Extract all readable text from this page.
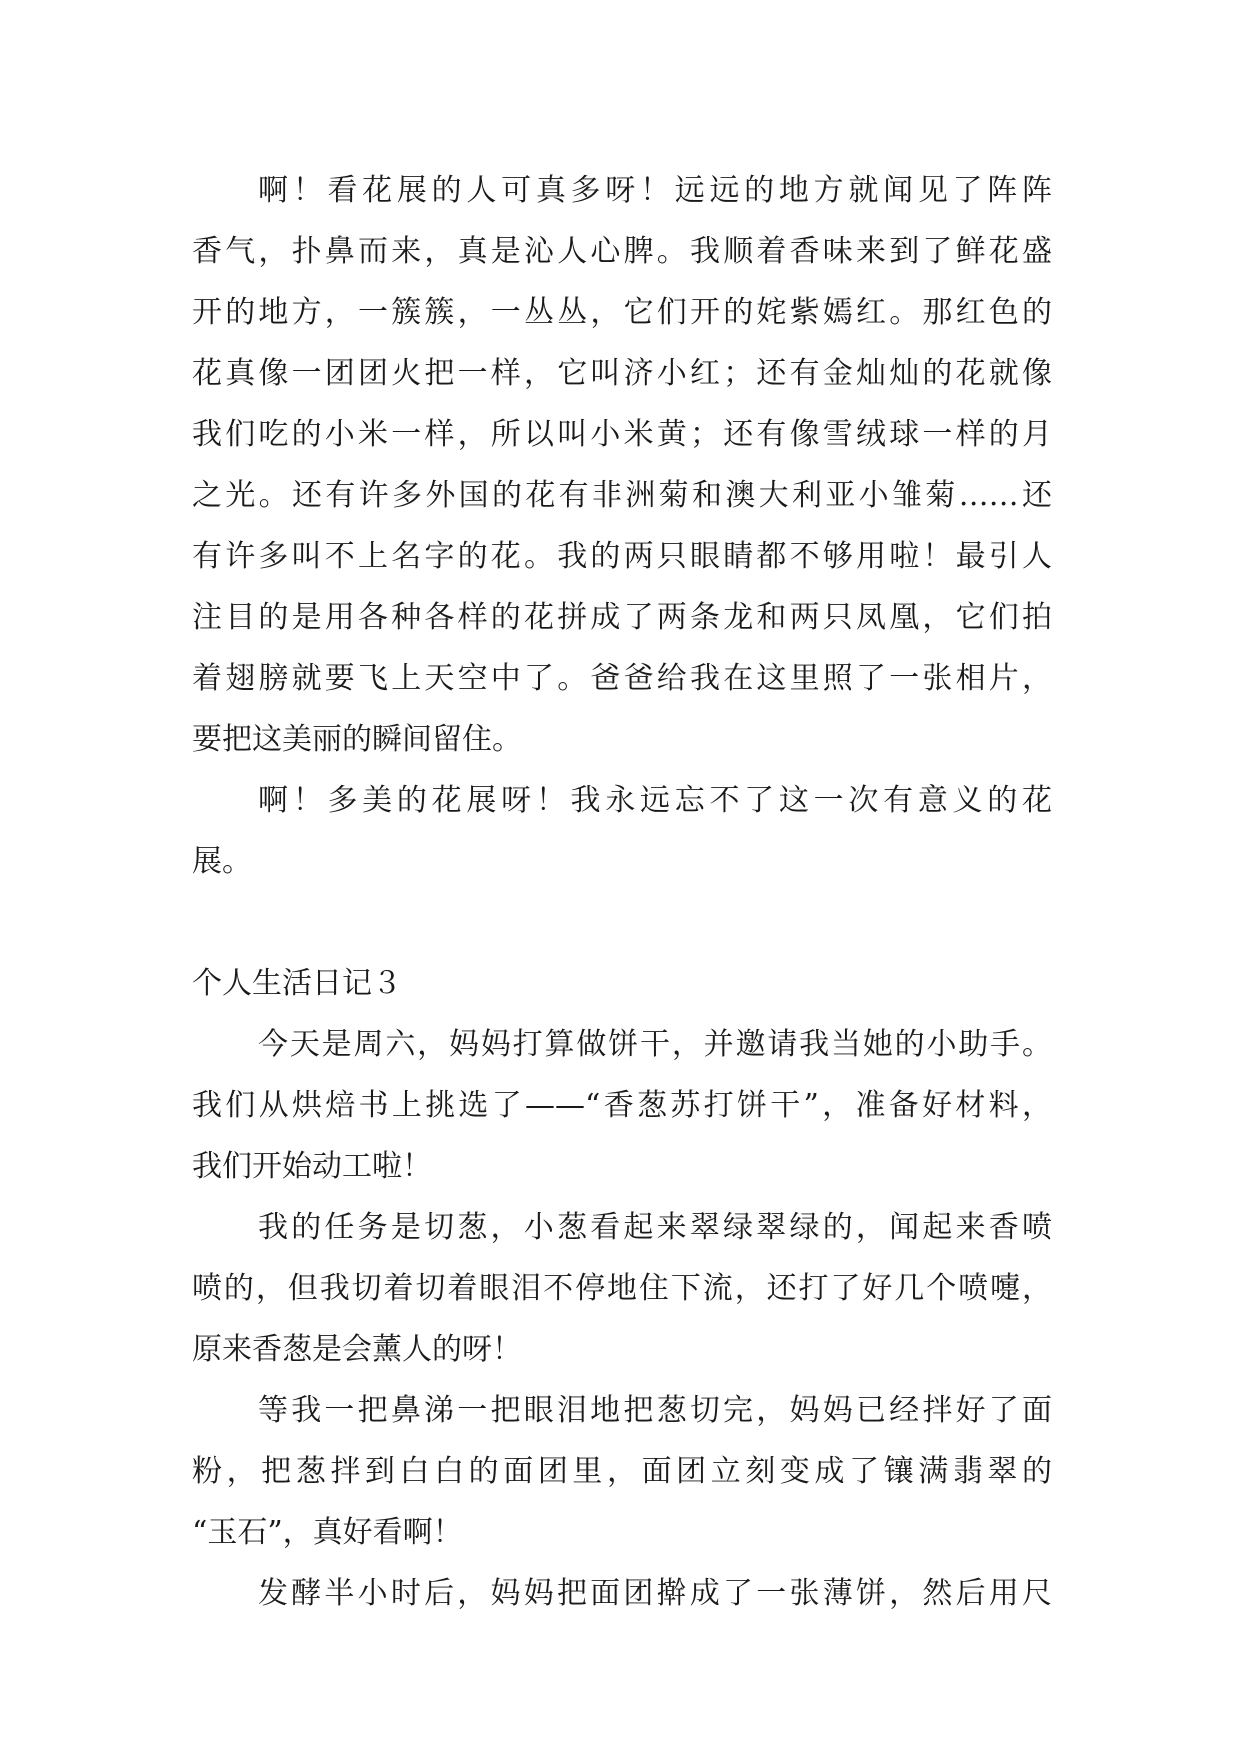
啊！看花展的人可真多呀！远远的地方就闻见了阵阵
香气，扑鼻而来，真是沁人心脾。我顺着香味来到了鲜花盛
开的地方，一簇簇，一丛丛，它们开的姹紫嫣红。那红色的
花真像一团团火把一样，它叫济小红；还有金灿灿的花就像
我们吃的小米一样，所以叫小米黄；还有像雪绒球一样的月
之光。还有许多外国的花有非洲菊和澳大利亚小雏菊……还
有许多叫不上名字的花。我的两只眼睛都不够用啦！最引人
注目的是用各种各样的花拼成了两条龙和两只凤凰，它们拍
着翅膀就要飞上天空中了。爸爸给我在这里照了一张相片，
要把这美丽的瞬间留住。
啊！多美的花展呀！我永远忘不了这一次有意义的花
展。
个人生活日记３
今天是周六，妈妈打算做饼干，并邀请我当她的小助手。
我们从烘焙书上挑选了——“香葱苏打饼干”，准备好材料，
我们开始动工啦！
我的任务是切葱，小葱看起来翠绿翠绿的，闻起来香喷
喷的，但我切着切着眼泪不停地住下流，还打了好几个喷嚏，
原来香葱是会薰人的呀！
等我一把鼻涕一把眼泪地把葱切完，妈妈已经拌好了面
粉，把葱拌到白白的面团里，面团立刻变成了镶满翡翠的
“玉石”，真好看啊！
发酵半小时后，妈妈把面团擀成了一张薄饼，然后用尺
